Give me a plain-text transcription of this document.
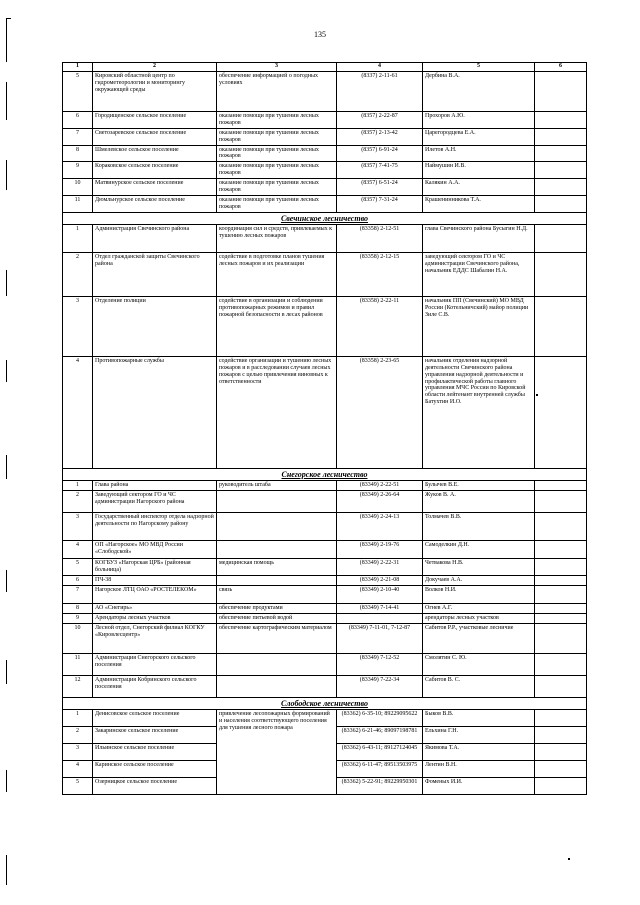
135
1	2	3	4	5	6
5	Кировский областной центр по гидрометеорологии и мониторингу окружающей среды	обеспечение информацией о погодных условиях	(8337) 2-11-61	Дербина В.А.	
6	Городищенское сельское поселение	оказание помощи при тушении лесных пожаров	(8357) 2-22-87	Прохоров А.Ю.	
7	Светозаревское сельское поселение	оказание помощи при тушении лесных пожаров	(8357) 2-13-42	Царегородцева Е.А.	
8	Шмелевское сельское поселение	оказание помощи при тушении лесных пожаров	(8357) 6-91-24	Илетов А.Н.	
9	Кораковское сельское поселение	оказание помощи при тушении лесных пожаров	(8357) 7-41-75	Наймушин И.В.	
10	Матвинурское сельское поселение	оказание помощи при тушении лесных пожаров	(8357) 6-51-24	Калякин А.А.	
11	Дюмльнурское сельское поселение	оказание помощи при тушении лесных пожаров	(8357) 7-31-24	Крашенинникова Т.А.	
Свечинское лесничество					
1	Администрация Свечинского района	координация сил и средств, привлекаемых к тушению лесных пожаров	(83358) 2-12-51	глава Свечинского района Бусыгин Н.Д.	
2	Отдел гражданской защиты Свечинского района	содействие в подготовке планов тушения лесных пожаров и их реализации	(83358) 2-12-15	заведующий сектором ГО и ЧС администрации Свечинского района, начальник ЕДДС Шабалин Н.А.	
3	Отделение полиции	содействие в организации и соблюдении противопожарных режимов и правил пожарной безопасности в лесах районов	(83358) 2-22-11	начальник ПП (Свечинский) МО МВД России (Котельничский) майор полиции Зиле С.В.	
4	Противопожарные службы	содействие организации и тушению лесных пожаров и в расследовании случаев лесных пожаров с целью привлечения виновных к ответственности	(83358) 2-23-65	начальник отделения надзорной деятельности Свечинского района управления надзорной деятельности и профилактической работы главного управления МЧС России по Кировской области лейтенант внутренней службы Батухтин И.О.	
Снегорское лесничество					
1	Глава района	руководитель штаба	(83349) 2-22-51	Булычев В.Е.	
2	Заведующий сектором ГО и ЧС администрации Нагорского района		(83349) 2-26-64	Жуков В. А.	
3	Государственный инспектор отдела надзорной деятельности по Нагорскому району		(83349) 2-24-13	Толмачев В.В.	
4	ОП «Нагорское» МО МВД России «Слободской»		(83349) 2-19-76	Самоделкин Д.Н.	
5	КОГБУЗ «Нагорская ЦРБ» (районная больница)	медицинская помощь	(83349) 2-22-31	Четвакова Н.В.	
6	ПЧ-38		(83349) 2-21-08	Докучаев А.А.	
7	Нагорское ЛТЦ ОАО «РОСТЕЛЕКОМ»	связь	(83349) 2-10-40	Волков Н.И.	
8	АО «Снегирь»	обеспечение продуктами	(83349) 7-14-41	Огнев А.Г.	
9	Арендаторы лесных участков	обеспечение питьевой водой		арендаторы лесных участков	
10	Лесной отдел, Снегорский филиал КОГКУ «Кировлесцентр»	обеспечение картографическим материалом	(83349) 7-11-01, 7-12-87	Сабитов Р.Р., участковые лесничие	
11	Администрация Снегорского сельского поселения		(83349) 7-12-52	Смолятин С. Ю.	
12	Администрация Кобринского сельского поселения		(83349) 7-22-34	Сабитов В. С.	
Слободское лесничество					
1	Денисовское сельское поселение	привлечение лесопожарных формирований и населения соответствующего поселения для тушения лесного пожара	(83362) 6-35-10; 89229095622	Быков В.В.	
2	Закаринское сельское поселение		(83362) 6-21-46; 89097198781	Ельхина Г.Н.	
3	Ильинское сельское поселение		(83362) 6-43-11; 89127124045	Якимова Т.А.	
4	Каринское сельское поселение		(83362) 6-11-47; 89513503975	Лентин В.Н.	
5	Озерницкое сельское поселение		(83362) 5-22-91; 89229950301	Фоменых И.И.	
